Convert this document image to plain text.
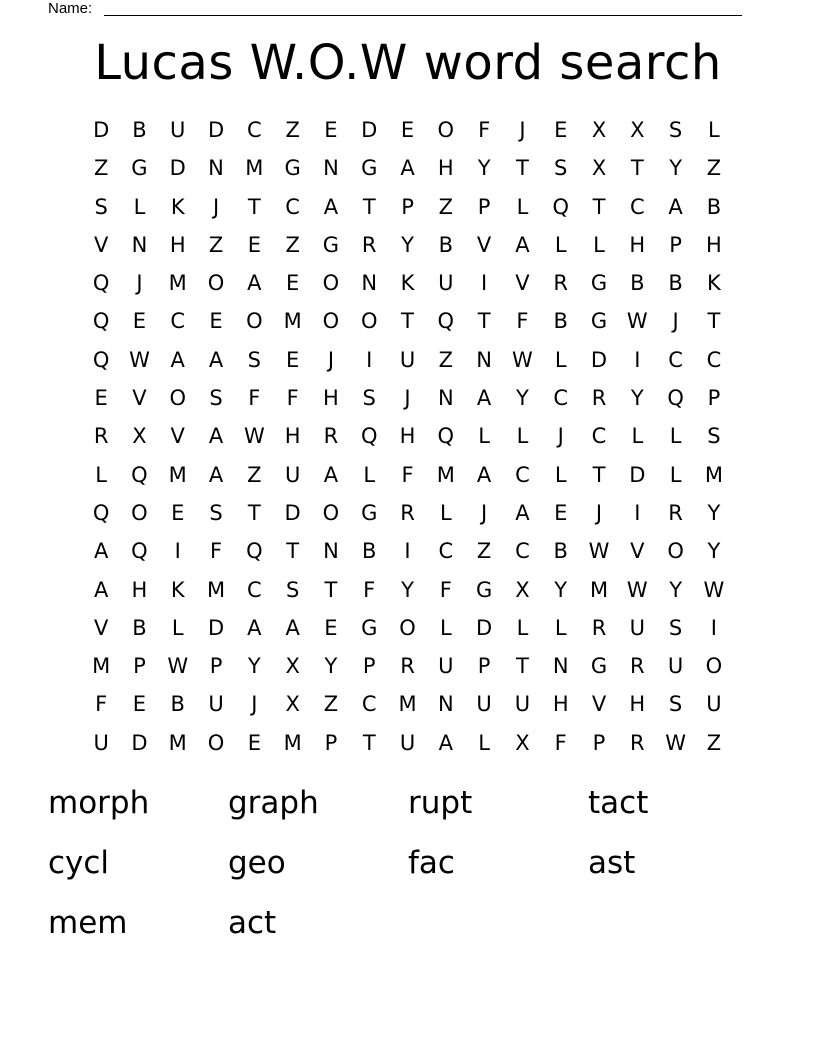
Name:
Lucas W.O.W word search
D	B	U	D	C	Z	E	D	E	O	F	J	E	X	X	S	L
Z	G	D	N	M	G	N	G	A	H	Y	T	S	X	T	Y	Z
S	L	K	J	T	C	A	T	P	Z	P	L	Q	T	C	A	B
V	N	H	Z	E	Z	G	R	Y	B	V	A	L	L	H	P	H
Q	J	M O	A	E	O	N	K	U	I	V	R	G	B	B	K
Q	E	C	E	O M O	O	T	Q	T	F	B	G W	J	T
Q W A	A	S	E	J	I	U	Z	N W	L	D	I	C	C
E	V	O	S	F	F	H	S	J	N	A	Y	C	R	Y	Q	P
R	X	V	A W H	R	Q	H	Q	L	L	J	C	L	L	S
L	Q M	A	Z	U	A	L	F	M	A	C	L	T	D	L	M
Q	O	E	S	T	D	O	G	R	L	J	A	E	J	I	R	Y
A	Q	I	F	Q	T	N	B	I	C	Z	C	B W V	O	Y
A	H	K	M	C	S	T	F	Y	F	G	X	Y	M W	Y	W
V	B	L	D	A	A	E	G	O	L	D	L	L	R	U	S	I
M	P	W	P	Y	X	Y	P	R	U	P	T	N	G	R	U	O
F	E	B	U	J	X	Z	C	M	N	U	U	H	V	H	S	U
U	D	M O	E	M	P	T	U	A	L	X	F	P	R W Z
morph	graph	rupt	tact
cycl	geo	fac	ast
mem	act
